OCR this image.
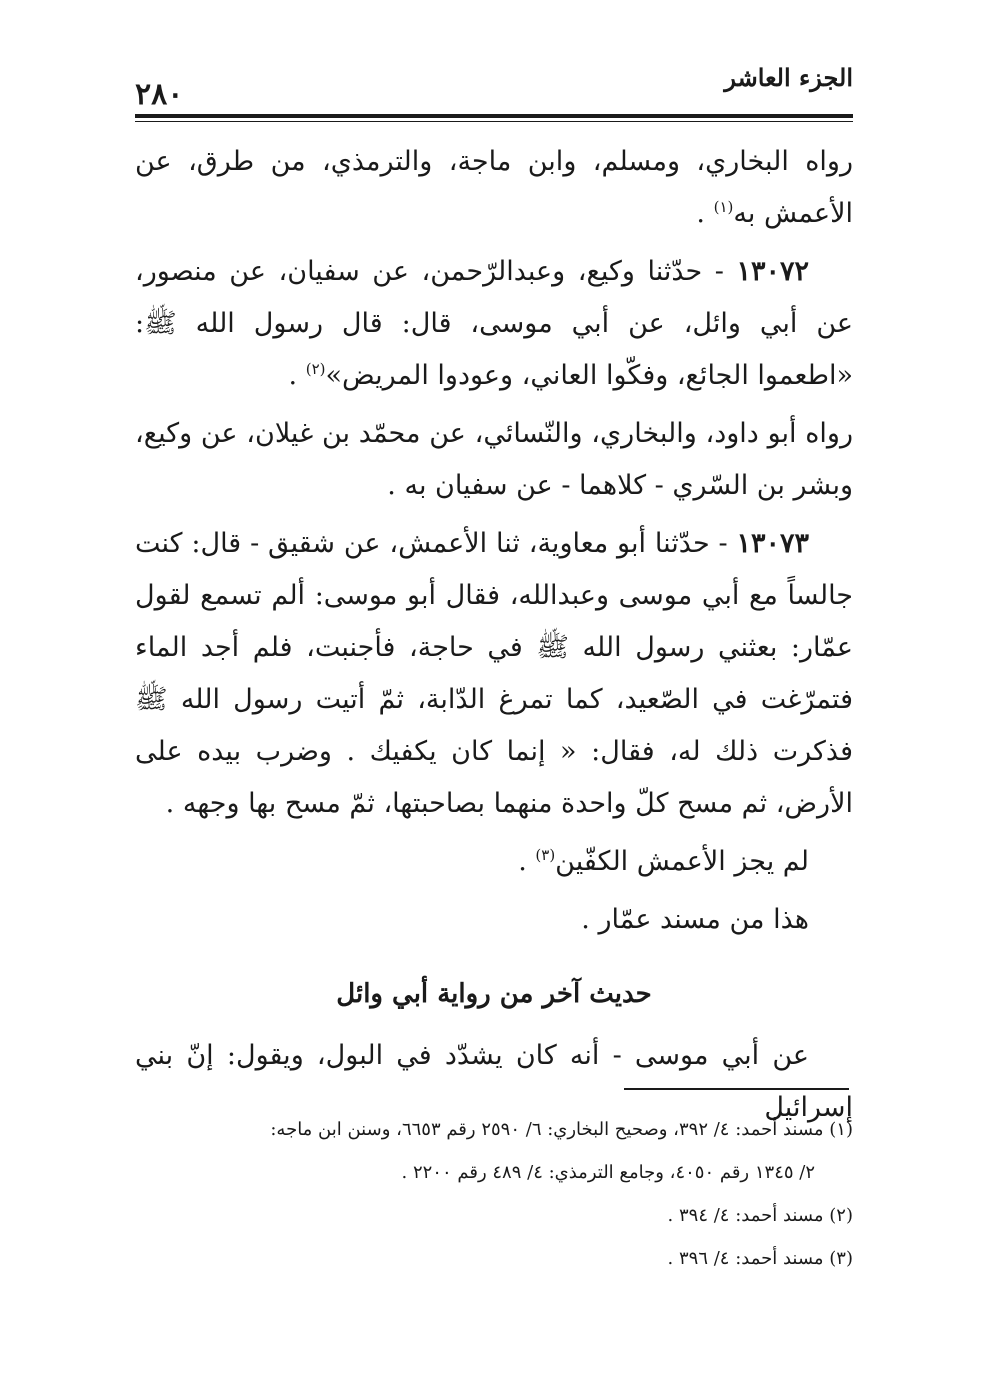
الجزء العاشر
٢٨٠

رواه البخاري، ومسلم، وابن ماجة، والترمذي، من طرق، عن الأعمش به$^{(١)}$ .

١٣٠٧٢ - حدّثنا وكيع، وعبدالرّحمن، عن سفيان، عن منصور، عن أبي وائل، عن أبي موسى، قال: قال رسول الله ﷺ: «اطعموا الجائع، وفكّوا العاني، وعودوا المريض»$^{(٢)}$ .

رواه أبو داود، والبخاري، والنّسائي، عن محمّد بن غيلان، عن وكيع، وبشر بن السّري - كلاهما - عن سفيان به .

١٣٠٧٣ - حدّثنا أبو معاوية، ثنا الأعمش، عن شقيق - قال: كنت جالساً مع أبي موسى وعبدالله، فقال أبو موسى: ألم تسمع لقول عمّار: بعثني رسول الله ﷺ في حاجة، فأجنبت، فلم أجد الماء فتمرّغت في الصّعيد، كما تمرغ الدّابة، ثمّ أتيت رسول الله ﷺ فذكرت ذلك له، فقال: « إنما كان يكفيك . وضرب بيده على الأرض، ثم مسح كلّ واحدة منهما بصاحبتها، ثمّ مسح بها وجهه .

لم يجز الأعمش الكفّين$^{(٣)}$ .

هذا من مسند عمّار .

حديث آخر من رواية أبي وائل

عن أبي موسى - أنه كان يشدّد في البول، ويقول: إنّ بني إسرائيل

(١) مسند أحمد: ٤/ ٣٩٢، وصحيح البخاري: ٦/ ٢٥٩٠ رقم ٦٦٥٣، وسنن ابن ماجه:

٢/ ١٣٤٥ رقم ٤٠٥٠، وجامع الترمذي: ٤/ ٤٨٩ رقم ٢٢٠٠ .

(٢) مسند أحمد: ٤/ ٣٩٤ .

(٣) مسند أحمد: ٤/ ٣٩٦ .
